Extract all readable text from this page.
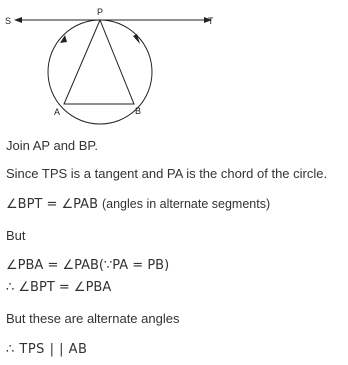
S	T
P
A	B
Join AP and BP.
Since TPS is a tangent and PA is the chord of the circle.
∠BPT = ∠PAB (angles in alternate segments)
But
∠PBA = ∠PAB(∵PA = PB)
∴ ∠BPT = ∠PBA
But these are alternate angles
∴ TPS | | AB
